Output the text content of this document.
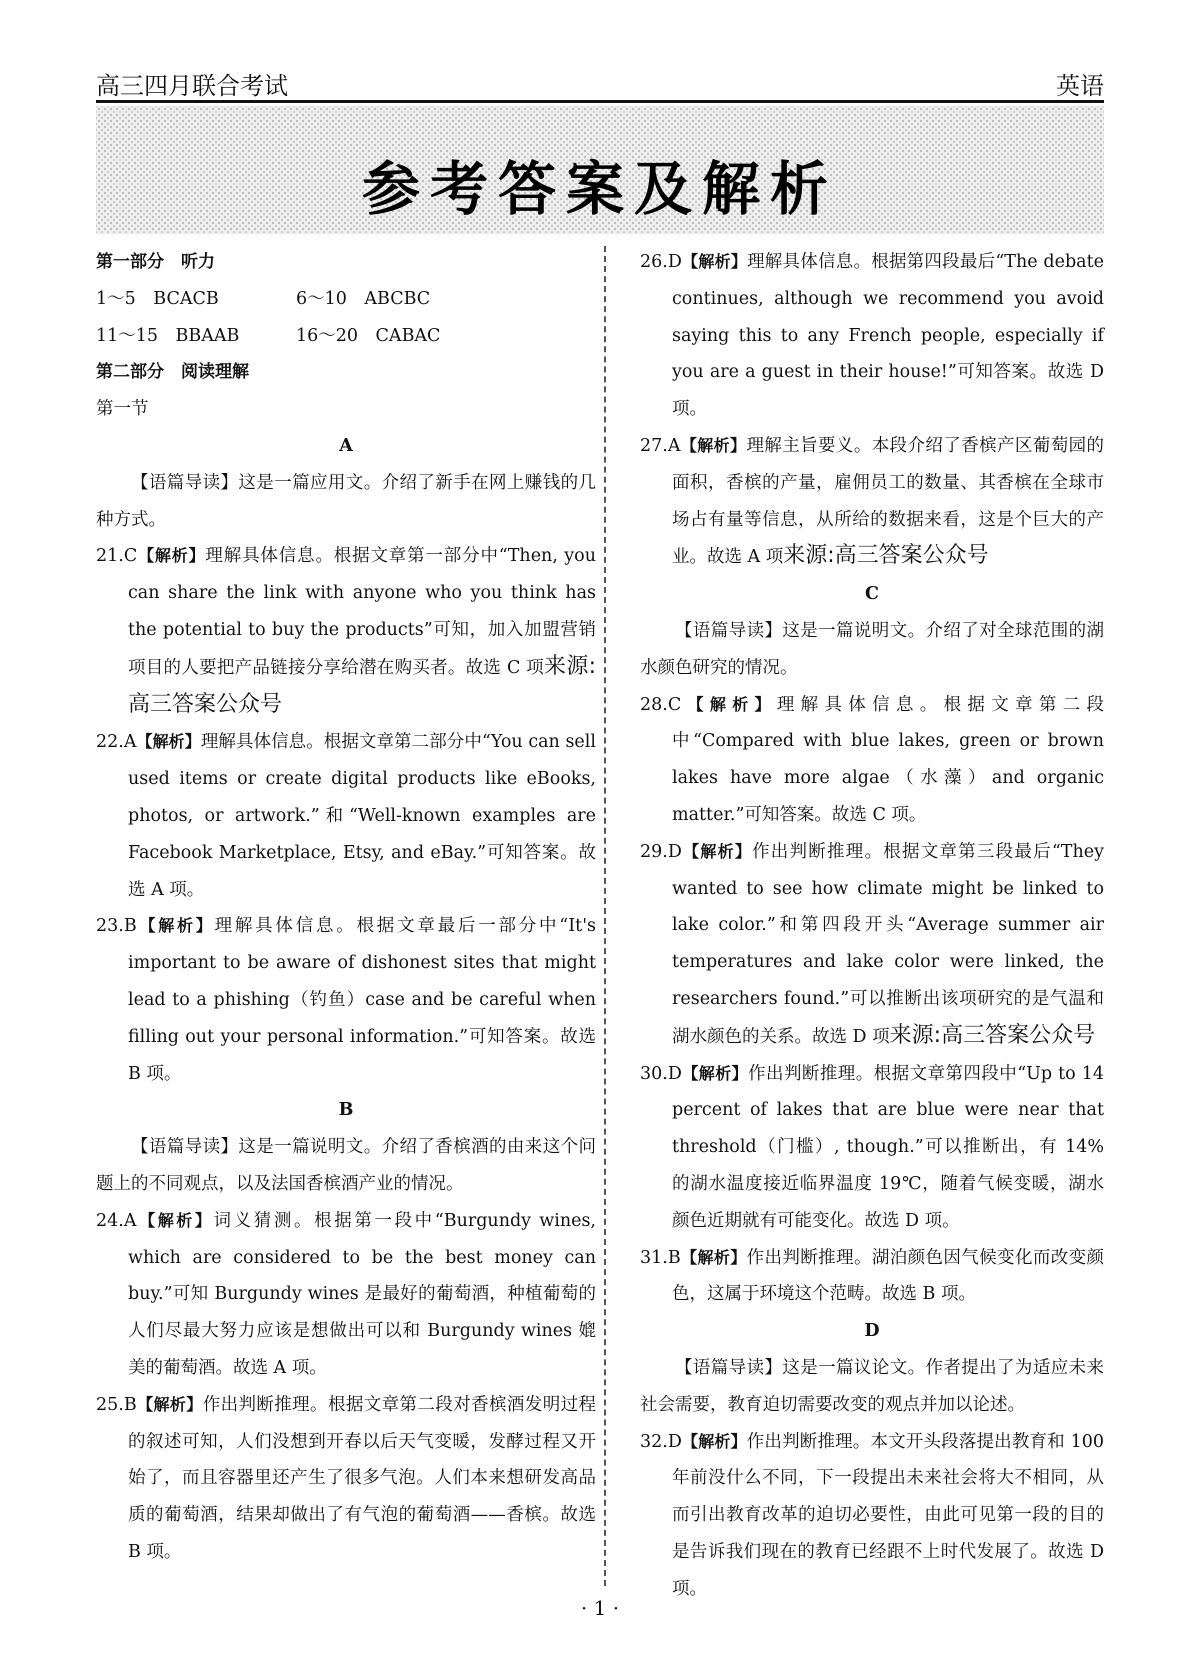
高三四月联合考试	英语
参考答案及解析
第一部分　听力
1～5　BCACB	6～10　ABCBC
11～15　BBAAB	16～20　CABAC
第二部分　阅读理解
第一节
A
【语篇导读】这是一篇应用文。介绍了新手在网上赚钱的几种方式。
21.C【解析】理解具体信息。根据文章第一部分中“Then, you can share the link with anyone who you think has the potential to buy the products”可知，加入加盟营销项目的人要把产品链接分享给潜在购买者。故选 C 项来源:高三答案公众号
22.A【解析】理解具体信息。根据文章第二部分中“You can sell used items or create digital products like eBooks, photos, or artwork.”和“Well-known examples are Facebook Marketplace, Etsy, and eBay.”可知答案。故选 A 项。
23.B【解析】理解具体信息。根据文章最后一部分中“It's important to be aware of dishonest sites that might lead to a phishing（钓鱼）case and be careful when filling out your personal information.”可知答案。故选 B 项。
B
【语篇导读】这是一篇说明文。介绍了香槟酒的由来这个问题上的不同观点，以及法国香槟酒产业的情况。
24.A【解析】词义猜测。根据第一段中“Burgundy wines, which are considered to be the best money can buy.”可知 Burgundy wines 是最好的葡萄酒，种植葡萄的人们尽最大努力应该是想做出可以和 Burgundy wines 媲美的葡萄酒。故选 A 项。
25.B【解析】作出判断推理。根据文章第二段对香槟酒发明过程的叙述可知，人们没想到开春以后天气变暖，发酵过程又开始了，而且容器里还产生了很多气泡。人们本来想研发高品质的葡萄酒，结果却做出了有气泡的葡萄酒——香槟。故选 B 项。
26.D【解析】理解具体信息。根据第四段最后“The debate continues, although we recommend you avoid saying this to any French people, especially if you are a guest in their house!”可知答案。故选 D 项。
27.A【解析】理解主旨要义。本段介绍了香槟产区葡萄园的面积，香槟的产量，雇佣员工的数量、其香槟在全球市场占有量等信息，从所给的数据来看，这是个巨大的产业。故选 A 项来源:高三答案公众号
C
【语篇导读】这是一篇说明文。介绍了对全球范围的湖水颜色研究的情况。
28.C【解析】理解具体信息。根据文章第二段中“Compared with blue lakes, green or brown lakes have more algae（水藻）and organic matter.”可知答案。故选 C 项。
29.D【解析】作出判断推理。根据文章第三段最后“They wanted to see how climate might be linked to lake color.”和第四段开头“Average summer air temperatures and lake color were linked, the researchers found.”可以推断出该项研究的是气温和湖水颜色的关系。故选 D 项来源:高三答案公众号
30.D【解析】作出判断推理。根据文章第四段中“Up to 14 percent of lakes that are blue were near that threshold（门槛）, though.”可以推断出，有 14% 的湖水温度接近临界温度 19℃，随着气候变暖，湖水颜色近期就有可能变化。故选 D 项。
31.B【解析】作出判断推理。湖泊颜色因气候变化而改变颜色，这属于环境这个范畴。故选 B 项。
D
【语篇导读】这是一篇议论文。作者提出了为适应未来社会需要，教育迫切需要改变的观点并加以论述。
32.D【解析】作出判断推理。本文开头段落提出教育和 100 年前没什么不同，下一段提出未来社会将大不相同，从而引出教育改革的迫切必要性，由此可见第一段的目的是告诉我们现在的教育已经跟不上时代发展了。故选 D 项。
· 1 ·
